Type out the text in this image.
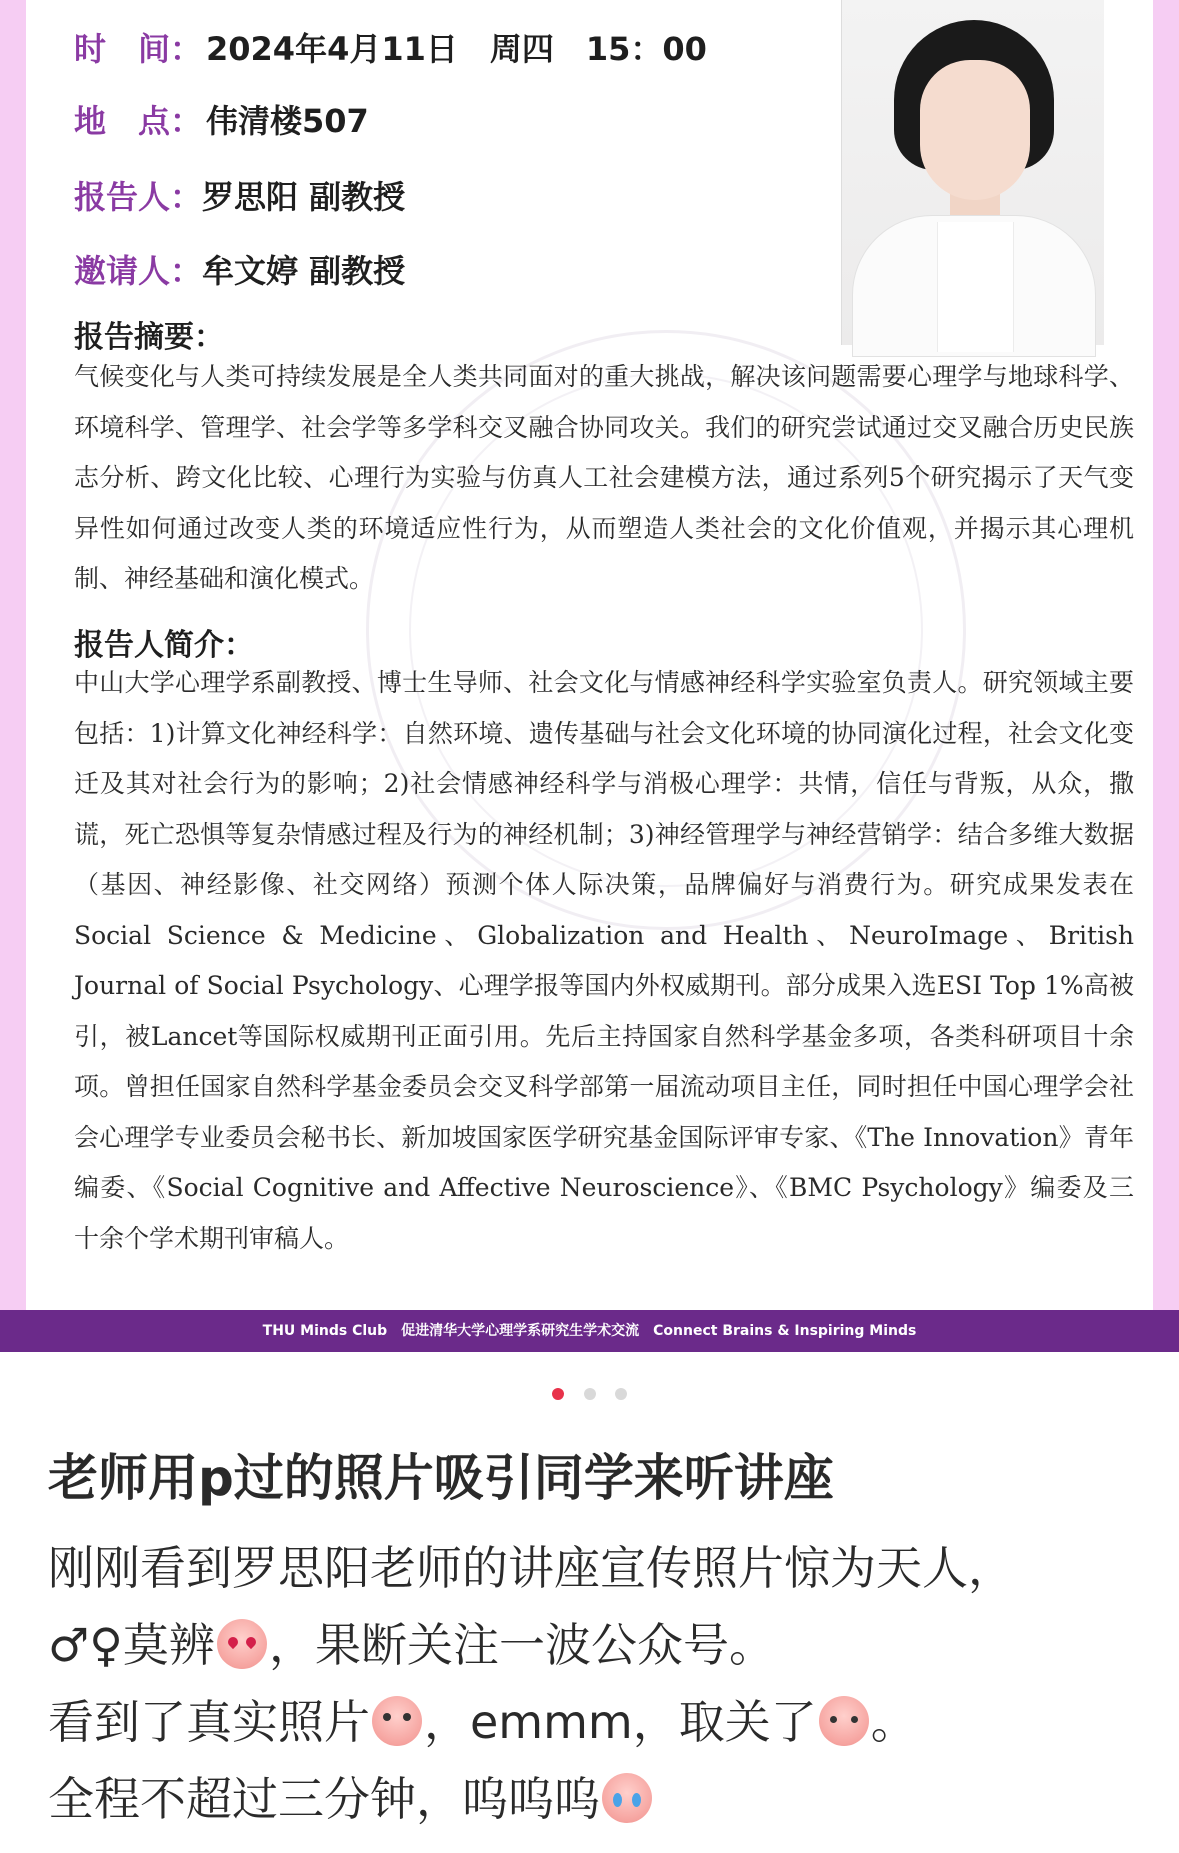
时　间： 2024年4月11日　周四　15：00
地　点： 伟清楼507
报告人：罗思阳 副教授
邀请人：牟文婷 副教授
报告摘要：
气候变化与人类可持续发展是全人类共同面对的重大挑战，解决该问题需要心理学与地球科学、环境科学、管理学、社会学等多学科交叉融合协同攻关。我们的研究尝试通过交叉融合历史民族志分析、跨文化比较、心理行为实验与仿真人工社会建模方法，通过系列5个研究揭示了天气变异性如何通过改变人类的环境适应性行为，从而塑造人类社会的文化价值观，并揭示其心理机制、神经基础和演化模式。
报告人简介：
中山大学心理学系副教授、博士生导师、社会文化与情感神经科学实验室负责人。研究领域主要包括：1)计算文化神经科学：自然环境、遗传基础与社会文化环境的协同演化过程，社会文化变迁及其对社会行为的影响；2)社会情感神经科学与消极心理学：共情，信任与背叛，从众，撒谎，死亡恐惧等复杂情感过程及行为的神经机制；3)神经管理学与神经营销学：结合多维大数据（基因、神经影像、社交网络）预测个体人际决策，品牌偏好与消费行为。研究成果发表在Social Science & Medicine、Globalization and Health、NeuroImage、British Journal of Social Psychology、心理学报等国内外权威期刊。部分成果入选ESI Top 1%高被引，被Lancet等国际权威期刊正面引用。先后主持国家自然科学基金多项，各类科研项目十余项。曾担任国家自然科学基金委员会交叉科学部第一届流动项目主任，同时担任中国心理学会社会心理学专业委员会秘书长、新加坡国家医学研究基金国际评审专家、《The Innovation》青年编委、《Social Cognitive and Affective Neuroscience》、《BMC Psychology》编委及三十余个学术期刊审稿人。
THU Minds Club　促进清华大学心理学系研究生学术交流　Connect Brains & Inspiring Minds

老师用p过的照片吸引同学来听讲座
刚刚看到罗思阳老师的讲座宣传照片惊为天人，
♂♀莫辨 ，果断关注一波公众号。
看到了真实照片 ，emmm，取关了 。
全程不超过三分钟，呜呜呜
